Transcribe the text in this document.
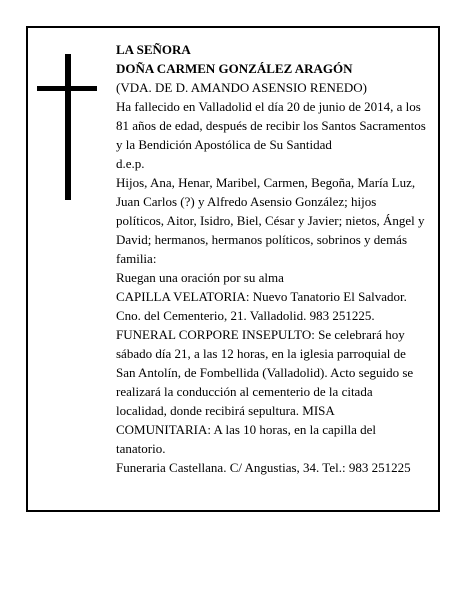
LA SEÑORA

DOÑA CARMEN GONZÁLEZ ARAGÓN

(VDA. DE D. AMANDO ASENSIO RENEDO)

Ha fallecido en Valladolid el día 20 de junio de 2014, a los 81 años de edad, después de recibir los Santos Sacramentos y la Bendición Apostólica de Su Santidad

d.e.p.

Hijos, Ana, Henar, Maribel, Carmen, Begoña, María Luz, Juan Carlos (?) y Alfredo Asensio González; hijos políticos, Aitor, Isidro, Biel, César y Javier; nietos, Ángel y David; hermanos, hermanos políticos, sobrinos y demás familia:

Ruegan una oración por su alma

CAPILLA VELATORIA: Nuevo Tanatorio El Salvador. Cno. del Cementerio, 21. Valladolid. 983 251225.

FUNERAL CORPORE INSEPULTO: Se celebrará hoy sábado día 21, a las 12 horas, en la iglesia parroquial de San Antolín, de Fombellida (Valladolid). Acto seguido se realizará la conducción al cementerio de la citada localidad, donde recibirá sepultura. MISA COMUNITARIA: A las 10 horas, en la capilla del tanatorio.

Funeraria Castellana. C/ Angustias, 34. Tel.: 983 251225
